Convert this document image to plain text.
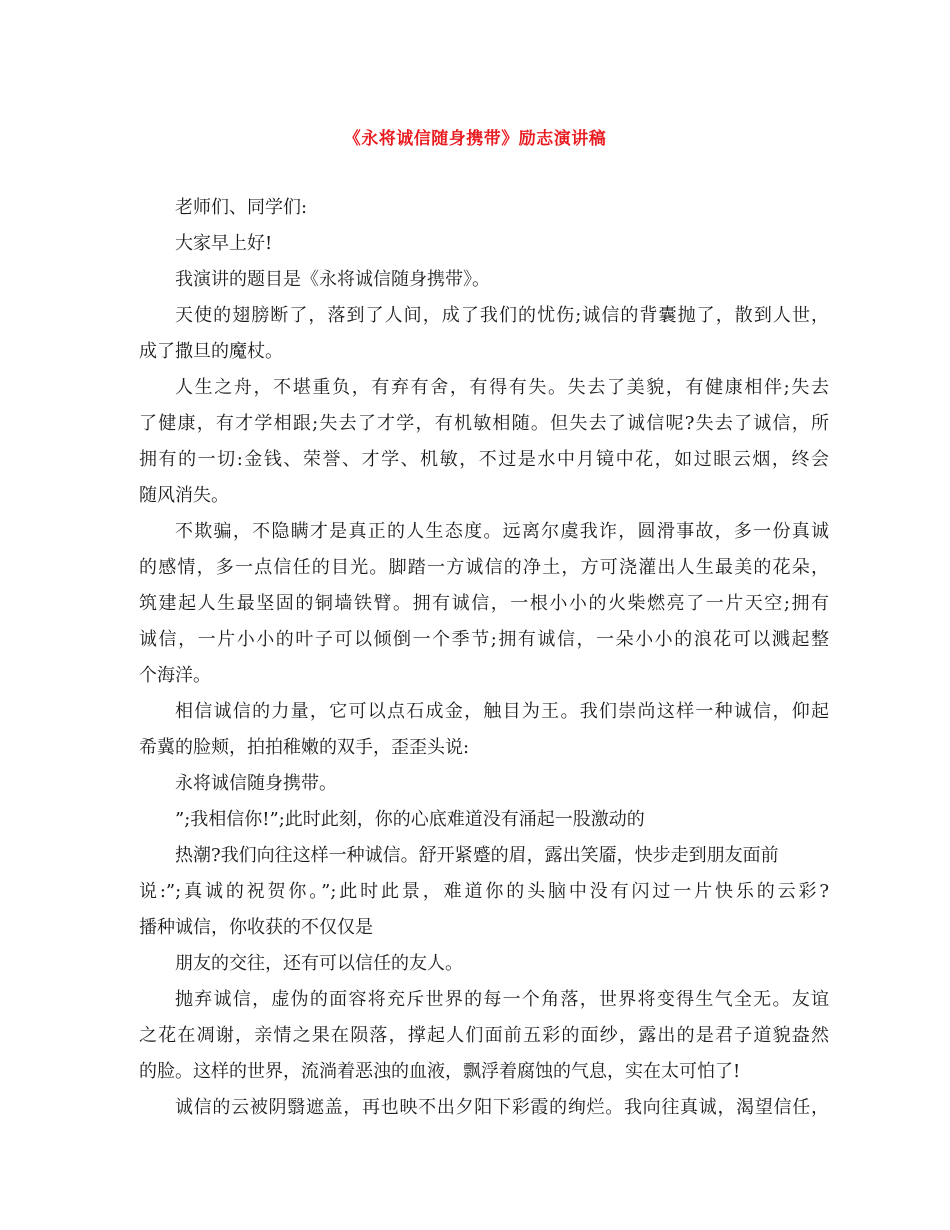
《永将诚信随身携带》励志演讲稿
老师们、同学们:
大家早上好!
我演讲的题目是《永将诚信随身携带》。
天使的翅膀断了，落到了人间，成了我们的忧伤;诚信的背囊抛了，散到人世，
成了撒旦的魔杖。
人生之舟，不堪重负，有弃有舍，有得有失。失去了美貌，有健康相伴;失去
了健康，有才学相跟;失去了才学，有机敏相随。但失去了诚信呢?失去了诚信，所
拥有的一切:金钱、荣誉、才学、机敏，不过是水中月镜中花，如过眼云烟，终会
随风消失。
不欺骗，不隐瞒才是真正的人生态度。远离尔虞我诈，圆滑事故，多一份真诚
的感情，多一点信任的目光。脚踏一方诚信的净土，方可浇灌出人生最美的花朵，
筑建起人生最坚固的铜墙铁臂。拥有诚信，一根小小的火柴燃亮了一片天空;拥有
诚信，一片小小的叶子可以倾倒一个季节;拥有诚信，一朵小小的浪花可以溅起整
个海洋。
相信诚信的力量，它可以点石成金，触目为王。我们崇尚这样一种诚信，仰起
希冀的脸颊，拍拍稚嫩的双手，歪歪头说:
永将诚信随身携带。
”;我相信你!”;此时此刻，你的心底难道没有涌起一股激动的
热潮?我们向往这样一种诚信。舒开紧蹙的眉，露出笑靥，快步走到朋友面前
说:”;真诚的祝贺你。”;此时此景，难道你的头脑中没有闪过一片快乐的云彩?
播种诚信，你收获的不仅仅是
朋友的交往，还有可以信任的友人。
抛弃诚信，虚伪的面容将充斥世界的每一个角落，世界将变得生气全无。友谊
之花在凋谢，亲情之果在陨落，撑起人们面前五彩的面纱，露出的是君子道貌盎然
的脸。这样的世界，流淌着恶浊的血液，飘浮着腐蚀的气息，实在太可怕了!
诚信的云被阴翳遮盖，再也映不出夕阳下彩霞的绚烂。我向往真诚，渴望信任，
